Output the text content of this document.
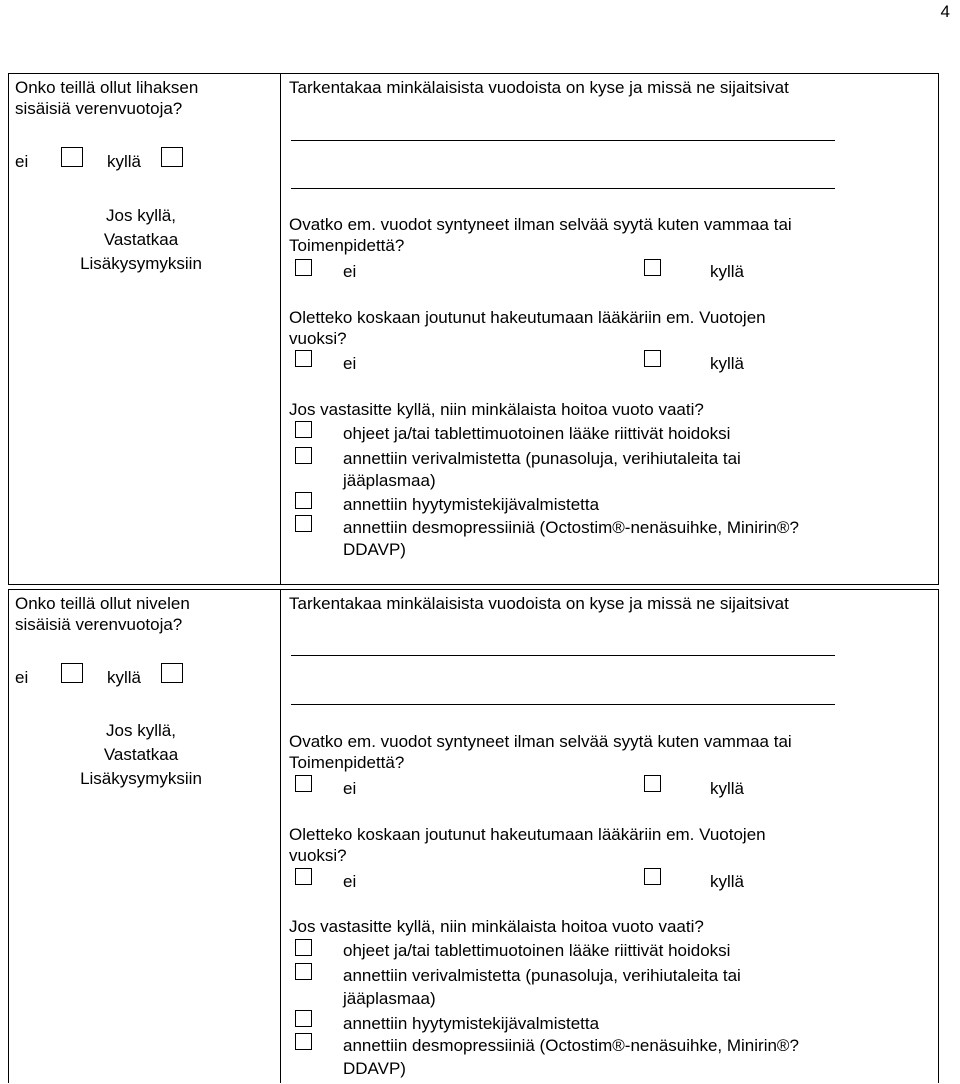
4
Onko teillä ollut lihaksen
sisäisiä verenvuotoja?
ei	kyllä
Jos kyllä,
Vastatkaa
Lisäkysymyksiin
Tarkentakaa minkälaisista vuodoista on kyse ja missä ne sijaitsivat
Ovatko em. vuodot syntyneet ilman selvää syytä kuten vammaa tai
Toimenpidettä?
ei	kyllä
Oletteko koskaan joutunut hakeutumaan lääkäriin em. Vuotojen
vuoksi?
ei	kyllä
Jos vastasitte kyllä, niin minkälaista hoitoa vuoto vaati?
ohjeet ja/tai tablettimuotoinen lääke riittivät hoidoksi
annettiin verivalmistetta (punasoluja, verihiutaleita tai
jääplasmaa)
annettiin hyytymistekijävalmistetta
annettiin desmopressiiniä (Octostim®-nenäsuihke, Minirin®?
DDAVP)
Onko teillä ollut nivelen
sisäisiä verenvuotoja?
ei	kyllä
Jos kyllä,
Vastatkaa
Lisäkysymyksiin
Tarkentakaa minkälaisista vuodoista on kyse ja missä ne sijaitsivat
Ovatko em. vuodot syntyneet ilman selvää syytä kuten vammaa tai
Toimenpidettä?
ei	kyllä
Oletteko koskaan joutunut hakeutumaan lääkäriin em. Vuotojen
vuoksi?
ei	kyllä
Jos vastasitte kyllä, niin minkälaista hoitoa vuoto vaati?
ohjeet ja/tai tablettimuotoinen lääke riittivät hoidoksi
annettiin verivalmistetta (punasoluja, verihiutaleita tai
jääplasmaa)
annettiin hyytymistekijävalmistetta
annettiin desmopressiiniä (Octostim®-nenäsuihke, Minirin®?
DDAVP)
